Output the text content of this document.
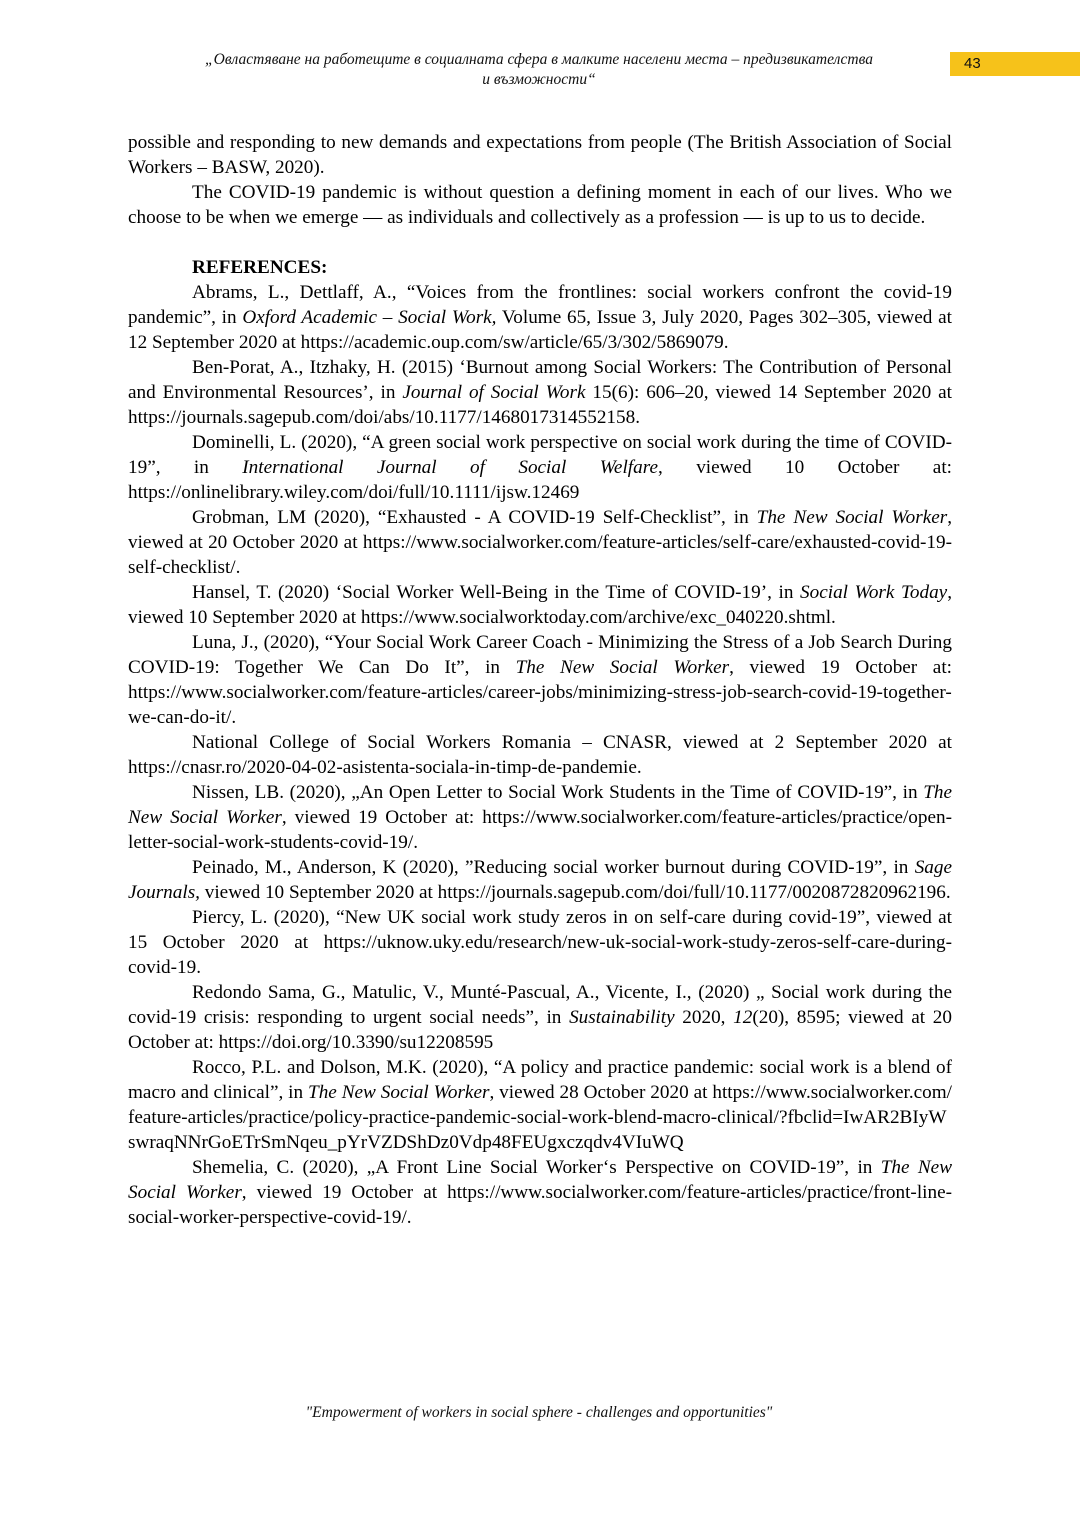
„Овластяване на работещите в социалната сфера в малките населени места – предизвикателства
и възможности“
43

possible and responding to new demands and expectations from people (The British Association of Social Workers – BASW, 2020).

The COVID-19 pandemic is without question a defining moment in each of our lives. Who we choose to be when we emerge — as individuals and collectively as a profession — is up to us to decide.

REFERENCES:

Abrams, L., Dettlaff, A., “Voices from the frontlines: social workers confront the covid-19 pandemic”, in Oxford Academic – Social Work, Volume 65, Issue 3, July 2020, Pages 302–305, viewed at 12 September 2020 at https://academic.oup.com/sw/article/65/3/302/5869079.

Ben-Porat, A., Itzhaky, H. (2015) ‘Burnout among Social Workers: The Contribution of Personal and Environmental Resources’, in Journal of Social Work 15(6): 606–20, viewed 14 September 2020 at https://journals.sagepub.com/doi/abs/10.1177/1468017314552158.

Dominelli, L. (2020), “A green social work perspective on social work during the time of COVID-19”, in International Journal of Social Welfare, viewed 10 October at: https://onlinelibrary.wiley.com/doi/full/10.1111/ijsw.12469

Grobman, LM (2020), “Exhausted - A COVID-19 Self-Checklist”, in The New Social Worker, viewed at 20 October 2020 at https://www.socialworker.com/feature-articles/self-care/exhausted-covid-19-self-checklist/.

Hansel, T. (2020) ‘Social Worker Well-Being in the Time of COVID-19’, in Social Work Today, viewed 10 September 2020 at https://www.socialworktoday.com/archive/exc_040220.shtml.

Luna, J., (2020), “Your Social Work Career Coach - Minimizing the Stress of a Job Search During COVID-19: Together We Can Do It”, in The New Social Worker, viewed 19 October at: https://www.socialworker.com/feature-articles/career-jobs/minimizing-stress-job-search-covid-19-together-we-can-do-it/.

National College of Social Workers Romania – CNASR, viewed at 2 September 2020 at https://cnasr.ro/2020-04-02-asistenta-sociala-in-timp-de-pandemie.

Nissen, LB. (2020), „An Open Letter to Social Work Students in the Time of COVID-19”, in The New Social Worker, viewed 19 October at: https://www.socialworker.com/feature-articles/practice/open-letter-social-work-students-covid-19/.

Peinado, M., Anderson, K (2020), ”Reducing social worker burnout during COVID-19”, in Sage Journals, viewed 10 September 2020 at https://journals.sagepub.com/doi/full/10.1177/0020872820962196.

Piercy, L. (2020), “New UK social work study zeros in on self-care during covid-19”, viewed at 15 October 2020 at https://uknow.uky.edu/research/new-uk-social-work-study-zeros-self-care-during-covid-19.

Redondo Sama, G., Matulic, V., Munté-Pascual, A., Vicente, I., (2020) „ Social work during the covid-19 crisis: responding to urgent social needs”, in Sustainability 2020, 12(20), 8595; viewed at 20 October at: https://doi.org/10.3390/su12208595

Rocco, P.L. and Dolson, M.K. (2020), “A policy and practice pandemic: social work is a blend of macro and clinical”, in The New Social Worker, viewed 28 October 2020 at https://www.socialworker.com/feature-articles/practice/policy-practice-pandemic-social-work-blend-macro-clinical/?fbclid=IwAR2BIyWswraqNNrGoETrSmNqeu_pYrVZDShDz0Vdp48FEUgxczqdv4VIuWQ

Shemelia, C. (2020), „A Front Line Social Worker‘s Perspective on COVID-19”, in The New Social Worker, viewed 19 October at https://www.socialworker.com/feature-articles/practice/front-line-social-worker-perspective-covid-19/.

"Empowerment of workers in social sphere - challenges and opportunities"
